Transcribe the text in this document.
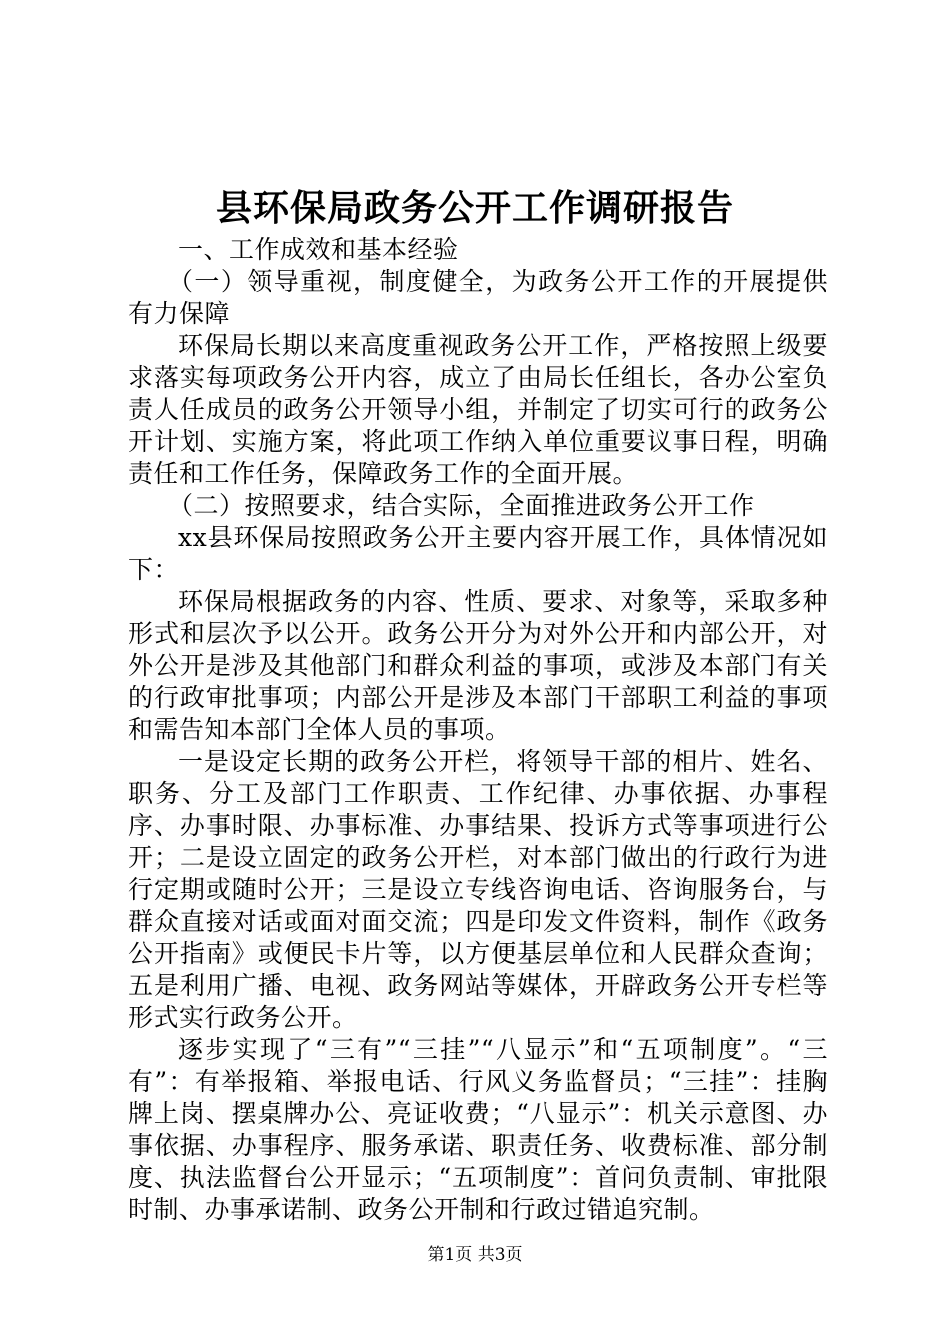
县环保局政务公开工作调研报告

一、工作成效和基本经验

（一）领导重视，制度健全，为政务公开工作的开展提供有力保障

环保局长期以来高度重视政务公开工作，严格按照上级要求落实每项政务公开内容，成立了由局长任组长，各办公室负责人任成员的政务公开领导小组，并制定了切实可行的政务公开计划、实施方案，将此项工作纳入单位重要议事日程，明确责任和工作任务，保障政务工作的全面开展。

（二）按照要求，结合实际，全面推进政务公开工作

xx县环保局按照政务公开主要内容开展工作，具体情况如下：

环保局根据政务的内容、性质、要求、对象等，采取多种形式和层次予以公开。政务公开分为对外公开和内部公开，对外公开是涉及其他部门和群众利益的事项，或涉及本部门有关的行政审批事项；内部公开是涉及本部门干部职工利益的事项和需告知本部门全体人员的事项。

一是设定长期的政务公开栏，将领导干部的相片、姓名、职务、分工及部门工作职责、工作纪律、办事依据、办事程序、办事时限、办事标准、办事结果、投诉方式等事项进行公开；二是设立固定的政务公开栏，对本部门做出的行政行为进行定期或随时公开；三是设立专线咨询电话、咨询服务台，与群众直接对话或面对面交流；四是印发文件资料，制作《政务公开指南》或便民卡片等，以方便基层单位和人民群众查询；五是利用广播、电视、政务网站等媒体，开辟政务公开专栏等形式实行政务公开。

逐步实现了“三有”“三挂”“八显示”和“五项制度”。“三有”：有举报箱、举报电话、行风义务监督员；“三挂”：挂胸牌上岗、摆桌牌办公、亮证收费；“八显示”：机关示意图、办事依据、办事程序、服务承诺、职责任务、收费标准、部分制度、执法监督台公开显示；“五项制度”：首问负责制、审批限时制、办事承诺制、政务公开制和行政过错追究制。

第1页 共3页
